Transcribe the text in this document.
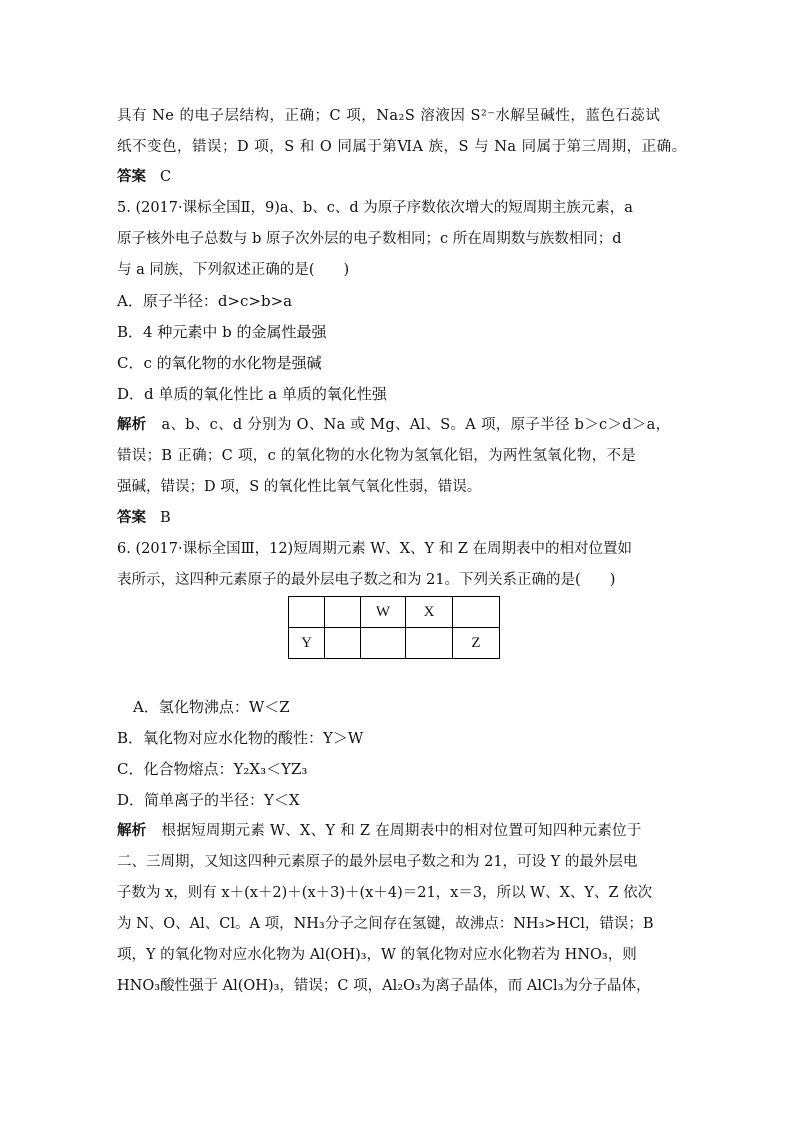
具有 Ne 的电子层结构，正确；C 项，Na₂S 溶液因 S²⁻水解呈碱性，蓝色石蕊试
纸不变色，错误；D 项，S 和 O 同属于第ⅥA 族，S 与 Na 同属于第三周期，正确。
答案 C
5. (2017·课标全国Ⅱ，9)a、b、c、d 为原子序数依次增大的短周期主族元素，a
原子核外电子总数与 b 原子次外层的电子数相同；c 所在周期数与族数相同；d
与 a 同族，下列叙述正确的是(　　)
A．原子半径：d>c>b>a
B．4 种元素中 b 的金属性最强
C．c 的氧化物的水化物是强碱
D．d 单质的氧化性比 a 单质的氧化性强
解析 a、b、c、d 分别为 O、Na 或 Mg、Al、S。A 项，原子半径 b＞c＞d＞a，
错误；B 正确；C 项，c 的氧化物的水化物为氢氧化铝，为两性氢氧化物，不是
强碱，错误；D 项，S 的氧化性比氧气氧化性弱，错误。
答案 B
6. (2017·课标全国Ⅲ，12)短周期元素 W、X、Y 和 Z 在周期表中的相对位置如
表所示，这四种元素原子的最外层电子数之和为 21。下列关系正确的是(　　)
		W	X	
Y				Z
A．氢化物沸点：W＜Z
B．氧化物对应水化物的酸性：Y＞W
C．化合物熔点：Y₂X₃＜YZ₃
D．简单离子的半径：Y＜X
解析 根据短周期元素 W、X、Y 和 Z 在周期表中的相对位置可知四种元素位于
二、三周期，又知这四种元素原子的最外层电子数之和为 21，可设 Y 的最外层电
子数为 x，则有 x＋(x＋2)＋(x＋3)＋(x＋4)＝21，x＝3，所以 W、X、Y、Z 依次
为 N、O、Al、Cl。A 项，NH₃分子之间存在氢键，故沸点：NH₃>HCl，错误；B
项，Y 的氧化物对应水化物为 Al(OH)₃，W 的氧化物对应水化物若为 HNO₃，则
HNO₃酸性强于 Al(OH)₃，错误；C 项，Al₂O₃为离子晶体，而 AlCl₃为分子晶体，
